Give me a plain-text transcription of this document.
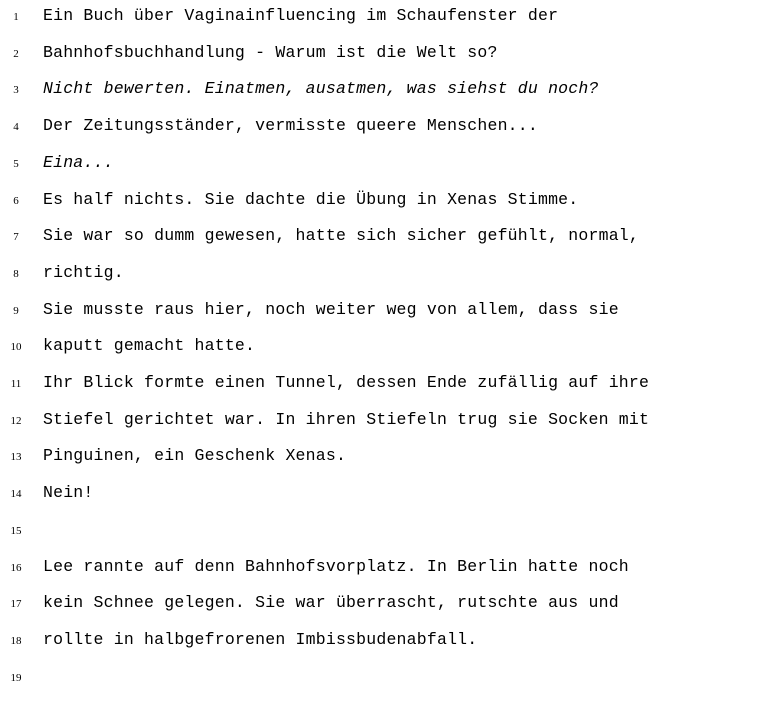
1	Ein Buch über Vaginainfluencing im Schaufenster der
2	Bahnhofsbuchhandlung - Warum ist die Welt so?
3	Nicht bewerten. Einatmen, ausatmen, was siehst du noch?
4	Der Zeitungsständer, vermisste queere Menschen...
5	Eina...
6	Es half nichts. Sie dachte die Übung in Xenas Stimme.
7	Sie war so dumm gewesen, hatte sich sicher gefühlt, normal,
8	richtig.
9	Sie musste raus hier, noch weiter weg von allem, dass sie
10 kaputt gemacht hatte.
11 Ihr Blick formte einen Tunnel, dessen Ende zufällig auf ihre
12 Stiefel gerichtet war. In ihren Stiefeln trug sie Socken mit
13 Pinguinen, ein Geschenk Xenas.
14 Nein!
15
16 Lee rannte auf denn Bahnhofsvorplatz. In Berlin hatte noch
17 kein Schnee gelegen. Sie war überrascht, rutschte aus und
18 rollte in halbgefrorenen Imbissbudenabfall.
19
